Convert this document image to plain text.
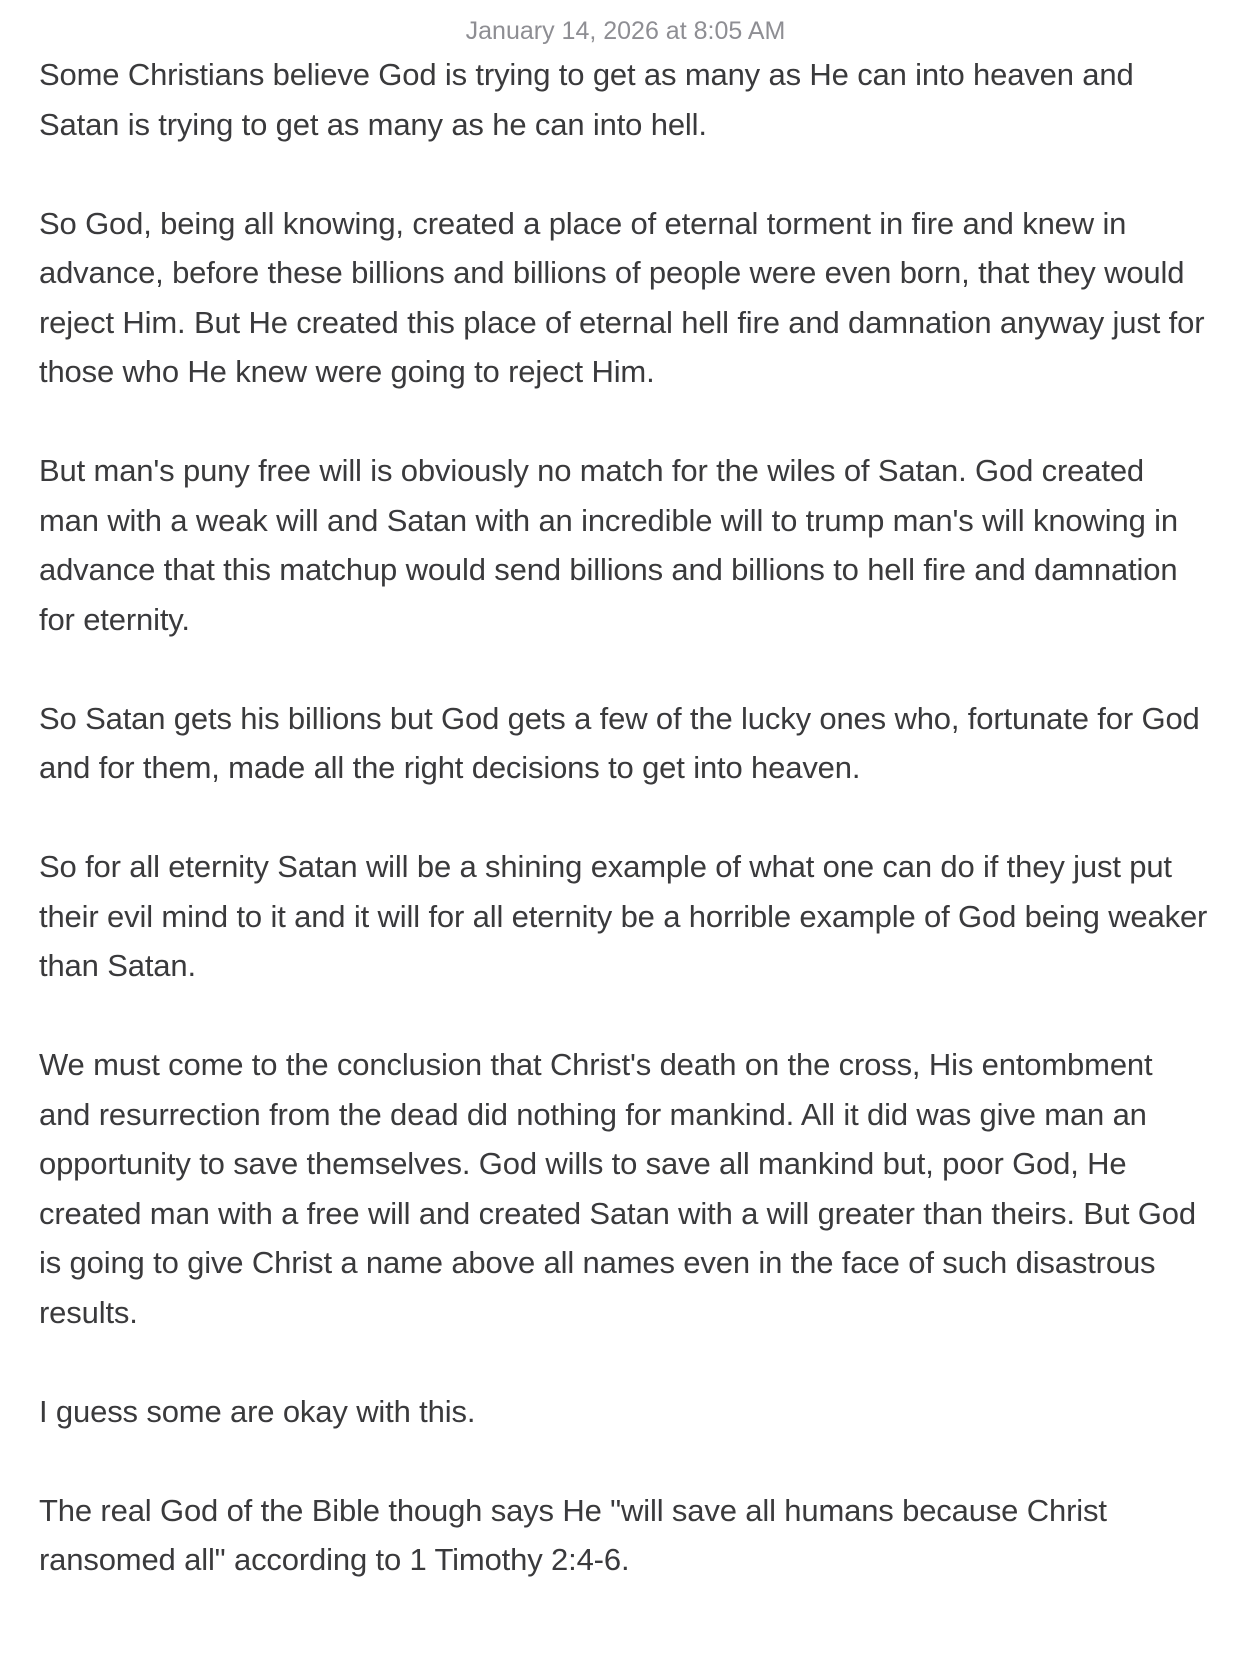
January 14, 2026 at 8:05 AM

Some Christians believe God is trying to get as many as He can into heaven and Satan is trying to get as many as he can into hell.

So God, being all knowing, created a place of eternal torment in fire and knew in advance, before these billions and billions of people were even born, that they would reject Him. But He created this place of eternal hell fire and damnation anyway just for those who He knew were going to reject Him.

But man's puny free will is obviously no match for the wiles of Satan. God created man with a weak will and Satan with an incredible will to trump man's will knowing in advance that this matchup would send billions and billions to hell fire and damnation for eternity.

So Satan gets his billions but God gets a few of the lucky ones who, fortunate for God and for them, made all the right decisions to get into heaven.

So for all eternity Satan will be a shining example of what one can do if they just put their evil mind to it and it will for all eternity be a horrible example of God being weaker than Satan.

We must come to the conclusion that Christ's death on the cross, His entombment and resurrection from the dead did nothing for mankind. All it did was give man an opportunity to save themselves. God wills to save all mankind but, poor God, He created man with a free will and created Satan with a will greater than theirs. But God is going to give Christ a name above all names even in the face of such disastrous results.

I guess some are okay with this.

The real God of the Bible though says He "will save all humans because Christ ransomed all" according to 1 Timothy 2:4-6.
